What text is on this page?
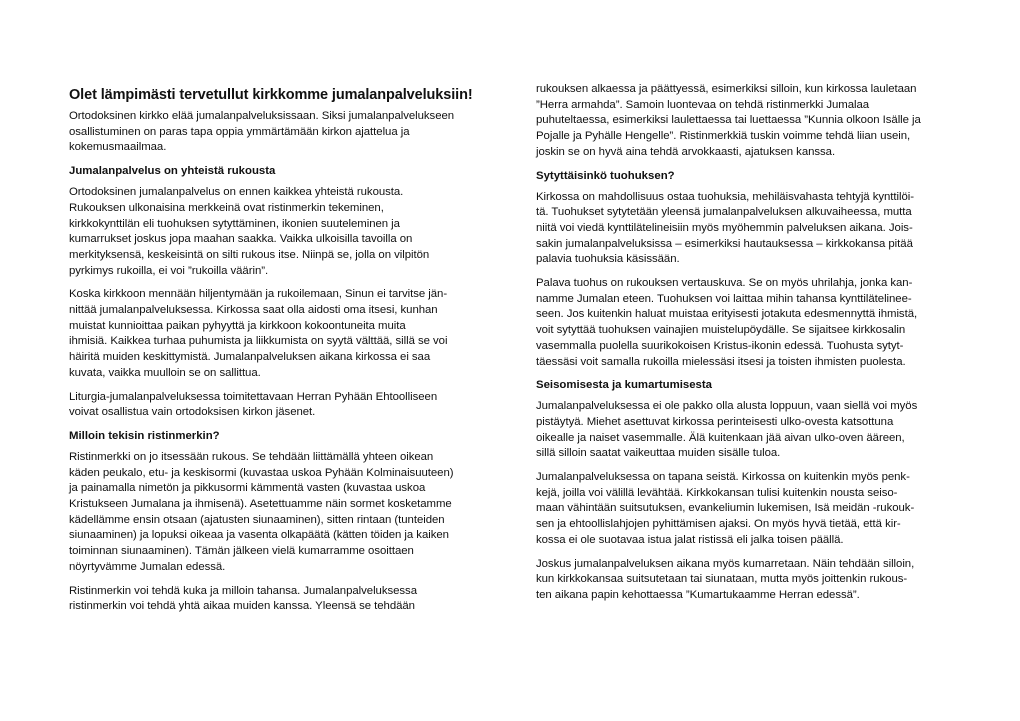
Olet lämpimästi tervetullut kirkkomme jumalanpalveluksiin!

Ortodoksinen kirkko elää jumalanpalveluksissaan. Siksi jumalanpalvelukseen
osallistuminen on paras tapa oppia ymmärtämään kirkon ajattelua ja
kokemusmaailmaa.

Jumalanpalvelus on yhteistä rukousta

Ortodoksinen jumalanpalvelus on ennen kaikkea yhteistä rukousta.
Rukouksen ulkonaisina merkkeinä ovat ristinmerkin tekeminen,
kirkkokynttilän eli tuohuksen sytyttäminen, ikonien suuteleminen ja
kumarrukset joskus jopa maahan saakka. Vaikka ulkoisilla tavoilla on
merkityksensä, keskeisintä on silti rukous itse. Niinpä se, jolla on vilpitön
pyrkimys rukoilla, ei voi ”rukoilla väärin”.

Koska kirkkoon mennään hiljentymään ja rukoilemaan, Sinun ei tarvitse jän-
nittää jumalanpalveluksessa. Kirkossa saat olla aidosti oma itsesi, kunhan
muistat kunnioittaa paikan pyhyyttä ja kirkkoon kokoontuneita muita
ihmisiä. Kaikkea turhaa puhumista ja liikkumista on syytä välttää, sillä se voi
häiritä muiden keskittymistä. Jumalanpalveluksen aikana kirkossa ei saa
kuvata, vaikka muulloin se on sallittua.

Liturgia-jumalanpalveluksessa toimitettavaan Herran Pyhään Ehtoolliseen
voivat osallistua vain ortodoksisen kirkon jäsenet.

Milloin tekisin ristinmerkin?

Ristinmerkki on jo itsessään rukous. Se tehdään liittämällä yhteen oikean
käden peukalo, etu- ja keskisormi (kuvastaa uskoa Pyhään Kolminaisuuteen)
ja painamalla nimetön ja pikkusormi kämmentä vasten (kuvastaa uskoa
Kristukseen Jumalana ja ihmisenä). Asetettuamme näin sormet kosketamme
kädellämme ensin otsaan (ajatusten siunaaminen), sitten rintaan (tunteiden
siunaaminen) ja lopuksi oikeaa ja vasenta olkapäätä (kätten töiden ja kaiken
toiminnan siunaaminen). Tämän jälkeen vielä kumarramme osoittaen
nöyrtyvämme Jumalan edessä.

Ristinmerkin voi tehdä kuka ja milloin tahansa. Jumalanpalveluksessa
ristinmerkin voi tehdä yhtä aikaa muiden kanssa. Yleensä se tehdään

rukouksen alkaessa ja päättyessä, esimerkiksi silloin, kun kirkossa lauletaan
”Herra armahda”. Samoin luontevaa on tehdä ristinmerkki Jumalaa
puhuteltaessa, esimerkiksi laulettaessa tai luettaessa ”Kunnia olkoon Isälle ja
Pojalle ja Pyhälle Hengelle”. Ristinmerkkiä tuskin voimme tehdä liian usein,
joskin se on hyvä aina tehdä arvokkaasti, ajatuksen kanssa.

Sytyttäisinkö tuohuksen?

Kirkossa on mahdollisuus ostaa tuohuksia, mehiläisvahasta tehtyjä kynttilöi-
tä. Tuohukset sytytetään yleensä jumalanpalveluksen alkuvaiheessa, mutta
niitä voi viedä kynttilätelineisiin myös myöhemmin palveluksen aikana. Jois-
sakin jumalanpalveluksissa – esimerkiksi hautauksessa – kirkkokansa pitää
palavia tuohuksia käsissään.

Palava tuohus on rukouksen vertauskuva. Se on myös uhrilahja, jonka kan-
namme Jumalan eteen. Tuohuksen voi laittaa mihin tahansa kynttilätelinee-
seen. Jos kuitenkin haluat muistaa erityisesti jotakuta edesmennyttä ihmistä,
voit sytyttää tuohuksen vainajien muistelupöydälle. Se sijaitsee kirkkosalin
vasemmalla puolella suurikokoisen Kristus-ikonin edessä. Tuohusta sytyt-
täessäsi voit samalla rukoilla mielessäsi itsesi ja toisten ihmisten puolesta.

Seisomisesta ja kumartumisesta

Jumalanpalveluksessa ei ole pakko olla alusta loppuun, vaan siellä voi myös
pistäytyä. Miehet asettuvat kirkossa perinteisesti ulko-ovesta katsottuna
oikealle ja naiset vasemmalle. Älä kuitenkaan jää aivan ulko-oven ääreen,
sillä silloin saatat vaikeuttaa muiden sisälle tuloa.

Jumalanpalveluksessa on tapana seistä. Kirkossa on kuitenkin myös penk-
kejä, joilla voi välillä levähtää. Kirkkokansan tulisi kuitenkin nousta seiso-
maan vähintään suitsutuksen, evankeliumin lukemisen, Isä meidän -rukouk-
sen ja ehtoollislahjojen pyhittämisen ajaksi. On myös hyvä tietää, että kir-
kossa ei ole suotavaa istua jalat ristissä eli jalka toisen päällä.

Joskus jumalanpalveluksen aikana myös kumarretaan. Näin tehdään silloin,
kun kirkkokansaa suitsutetaan tai siunataan, mutta myös joittenkin rukous-
ten aikana papin kehottaessa ”Kumartukaamme Herran edessä”.
